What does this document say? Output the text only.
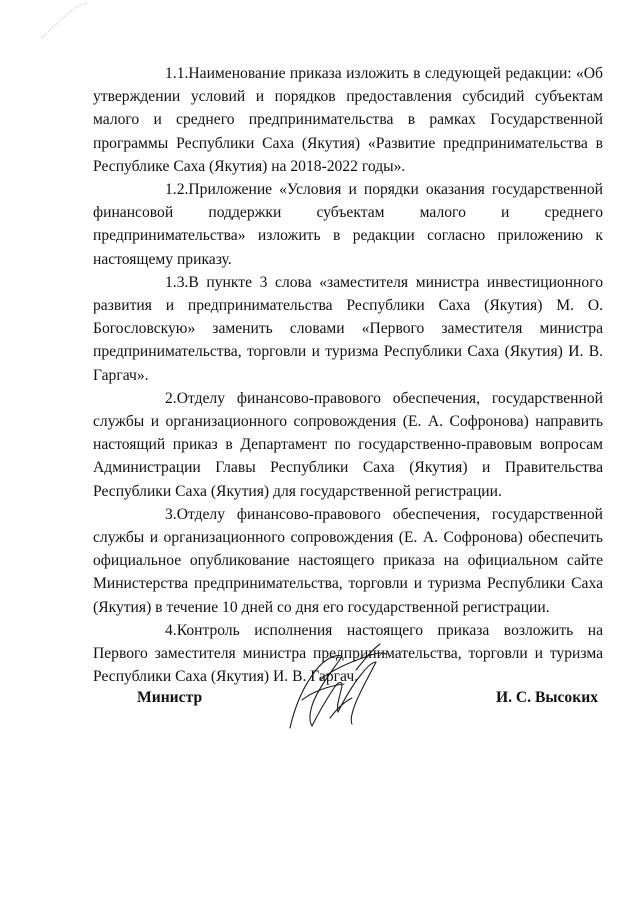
1.1.Наименование приказа изложить в следующей редакции: «Об утверждении условий и порядков предоставления субсидий субъектам малого и среднего предпринимательства в рамках Государственной программы Республики Саха (Якутия) «Развитие предпринимательства в Республике Саха (Якутия) на 2018-2022 годы».

1.2.Приложение «Условия и порядки оказания государственной финансовой поддержки субъектам малого и среднего предпринимательства» изложить в редакции согласно приложению к настоящему приказу.

1.3.В пункте 3 слова «заместителя министра инвестиционного развития и предпринимательства Республики Саха (Якутия) М. О. Богословскую» заменить словами «Первого заместителя министра предпринимательства, торговли и туризма Республики Саха (Якутия) И. В. Гаргач».

2.Отделу финансово-правового обеспечения, государственной службы и организационного сопровождения (Е. А. Софронова) направить настоящий приказ в Департамент по государственно-правовым вопросам Администрации Главы Республики Саха (Якутия) и Правительства Республики Саха (Якутия) для государственной регистрации.

3.Отделу финансово-правового обеспечения, государственной службы и организационного сопровождения (Е. А. Софронова) обеспечить официальное опубликование настоящего приказа на официальном сайте Министерства предпринимательства, торговли и туризма Республики Саха (Якутия) в течение 10 дней со дня его государственной регистрации.

4.Контроль исполнения настоящего приказа возложить на Первого заместителя министра предпринимательства, торговли и туризма Республики Саха (Якутия) И. В. Гаргач.

Министр	И. С. Высоких
